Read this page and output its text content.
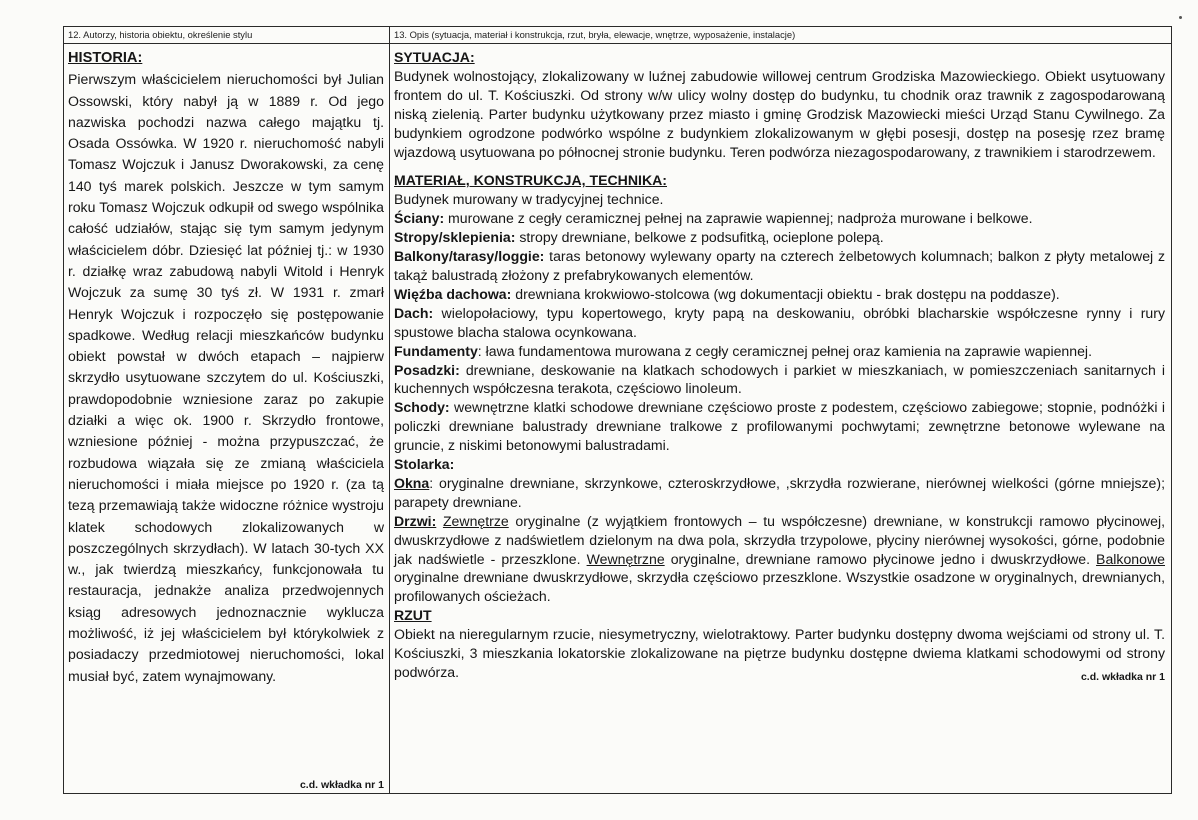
12. Autorzy, historia obiektu, określenie stylu

HISTORIA:

Pierwszym właścicielem nieruchomości był Julian Ossowski, który nabył ją w 1889 r. Od jego nazwiska pochodzi nazwa całego majątku tj. Osada Ossówka. W 1920 r. nieruchomość nabyli Tomasz Wojczuk i Janusz Dworakowski, za cenę 140 tyś marek polskich. Jeszcze w tym samym roku Tomasz Wojczuk odkupił od swego wspólnika całość udziałów, stając się tym samym jedynym właścicielem dóbr. Dziesięć lat później tj.: w 1930 r. działkę wraz zabudową nabyli Witold i Henryk Wojczuk za sumę 30 tyś zł. W 1931 r. zmarł Henryk Wojczuk i rozpoczęło się postępowanie spadkowe. Według relacji mieszkańców budynku obiekt powstał w dwóch etapach – najpierw skrzydło usytuowane szczytem do ul. Kościuszki, prawdopodobnie wzniesione zaraz po zakupie działki a więc ok. 1900 r. Skrzydło frontowe, wzniesione później - można przypuszczać, że rozbudowa wiązała się ze zmianą właściciela nieruchomości i miała miejsce po 1920 r. (za tą tezą przemawiają także widoczne różnice wystroju klatek schodowych zlokalizowanych w poszczególnych skrzydłach). W latach 30-tych XX w., jak twierdzą mieszkańcy, funkcjonowała tu restauracja, jednakże analiza przedwojennych ksiąg adresowych jednoznacznie wyklucza możliwość, iż jej właścicielem był którykolwiek z posiadaczy przedmiotowej nieruchomości, lokal musiał być, zatem wynajmowany.

c.d. wkładka nr 1
13. Opis (sytuacja, materiał i konstrukcja, rzut, bryła, elewacje, wnętrze, wyposażenie, instalacje)

SYTUACJA:

Budynek wolnostojący, zlokalizowany w luźnej zabudowie willowej centrum Grodziska Mazowieckiego. Obiekt usytuowany frontem do ul. T. Kościuszki. Od strony w/w ulicy wolny dostęp do budynku, tu chodnik oraz trawnik z zagospodarowaną niską zielenią. Parter budynku użytkowany przez miasto i gminę Grodzisk Mazowiecki mieści Urząd Stanu Cywilnego. Za budynkiem ogrodzone podwórko wspólne z budynkiem zlokalizowanym w głębi posesji, dostęp na posesję rzez bramę wjazdową usytuowana po północnej stronie budynku. Teren podwórza niezagospodarowany, z trawnikiem i starodrzewem.

MATERIAŁ, KONSTRUKCJA, TECHNIKA:

Budynek murowany w tradycyjnej technice.

Ściany: murowane z cegły ceramicznej pełnej na zaprawie wapiennej; nadproża murowane i belkowe.

Stropy/sklepienia: stropy drewniane, belkowe z podsufitką, ocieplone polepą.

Balkony/tarasy/loggie: taras betonowy wylewany oparty na czterech żelbetowych kolumnach; balkon z płyty metalowej z takąż balustradą złożony z prefabrykowanych elementów.

Więźba dachowa: drewniana krokwiowo-stolcowa (wg dokumentacji obiektu - brak dostępu na poddasze).

Dach: wielopołaciowy, typu kopertowego, kryty papą na deskowaniu, obróbki blacharskie współczesne rynny i rury spustowe blacha stalowa ocynkowana.

Fundamenty: ława fundamentowa murowana z cegły ceramicznej pełnej oraz kamienia na zaprawie wapiennej.

Posadzki: drewniane, deskowanie na klatkach schodowych i parkiet w mieszkaniach, w pomieszczeniach sanitarnych i kuchennych współczesna terakota, częściowo linoleum.

Schody: wewnętrzne klatki schodowe drewniane częściowo proste z podestem, częściowo zabiegowe; stopnie, podnóżki i policzki drewniane balustrady drewniane tralkowe z profilowanymi pochwytami; zewnętrzne betonowe wylewane na gruncie, z niskimi betonowymi balustradami.

Stolarka:

Okna: oryginalne drewniane, skrzynkowe, czteroskrzydłowe, ,skrzydła rozwierane, nierównej wielkości (górne mniejsze); parapety drewniane.

Drzwi: Zewnętrze oryginalne (z wyjątkiem frontowych – tu współczesne) drewniane, w konstrukcji ramowo płycinowej, dwuskrzydłowe z nadświetlem dzielonym na dwa pola, skrzydła trzypolowe, płyciny nierównej wysokości, górne, podobnie jak nadświetle - przeszklone. Wewnętrzne oryginalne, drewniane ramowo płycinowe jedno i dwuskrzydłowe. Balkonowe oryginalne drewniane dwuskrzydłowe, skrzydła częściowo przeszklone. Wszystkie osadzone w oryginalnych, drewnianych, profilowanych ościeżach.

RZUT

Obiekt na nieregularnym rzucie, niesymetryczny, wielotraktowy. Parter budynku dostępny dwoma wejściami od strony ul. T. Kościuszki, 3 mieszkania lokatorskie zlokalizowane na piętrze budynku dostępne dwiema klatkami schodowymi od strony podwórza.	c.d. wkładka nr 1
